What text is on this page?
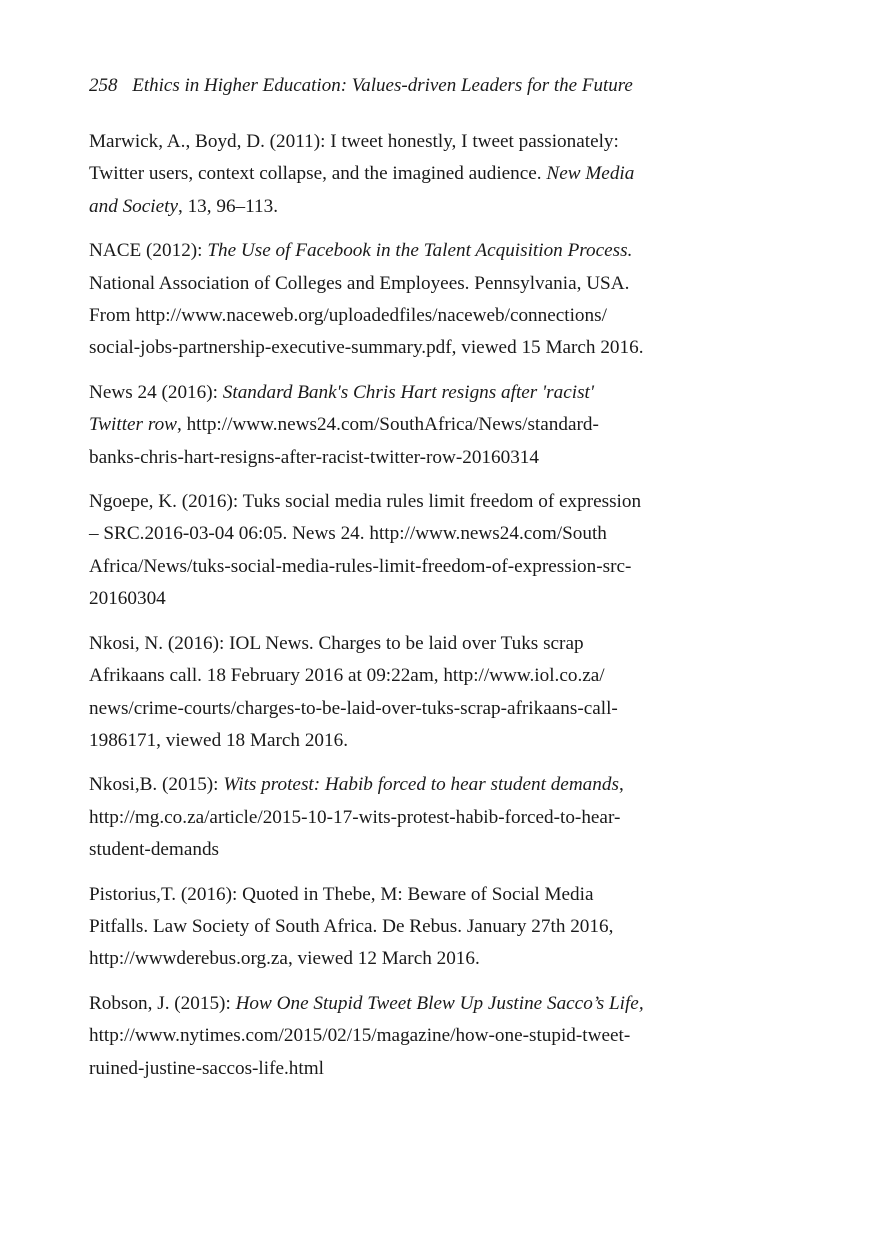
258 Ethics in Higher Education: Values-driven Leaders for the Future

Marwick, A., Boyd, D. (2011): I tweet honestly, I tweet passionately:
Twitter users, context collapse, and the imagined audience. New Media
and Society, 13, 96–113.

NACE (2012): The Use of Facebook in the Talent Acquisition Process.
National Association of Colleges and Employees. Pennsylvania, USA.
From http://www.naceweb.org/uploadedfiles/naceweb/connections/
social-jobs-partnership-executive-summary.pdf, viewed 15 March 2016.

News 24 (2016): Standard Bank's Chris Hart resigns after 'racist'
Twitter row, http://www.news24.com/SouthAfrica/News/standard-
banks-chris-hart-resigns-after-racist-twitter-row-20160314

Ngoepe, K. (2016): Tuks social media rules limit freedom of expression
– SRC.2016-03-04 06:05. News 24. http://www.news24.com/South
Africa/News/tuks-social-media-rules-limit-freedom-of-expression-src-
20160304

Nkosi, N. (2016): IOL News. Charges to be laid over Tuks scrap
Afrikaans call. 18 February 2016 at 09:22am, http://www.iol.co.za/
news/crime-courts/charges-to-be-laid-over-tuks-scrap-afrikaans-call-
1986171, viewed 18 March 2016.

Nkosi,B. (2015): Wits protest: Habib forced to hear student demands,
http://mg.co.za/article/2015-10-17-wits-protest-habib-forced-to-hear-
student-demands

Pistorius,T. (2016): Quoted in Thebe, M: Beware of Social Media
Pitfalls. Law Society of South Africa. De Rebus. January 27th 2016,
http://wwwderebus.org.za, viewed 12 March 2016.

Robson, J. (2015): How One Stupid Tweet Blew Up Justine Sacco’s Life,
http://www.nytimes.com/2015/02/15/magazine/how-one-stupid-tweet-
ruined-justine-saccos-life.html
